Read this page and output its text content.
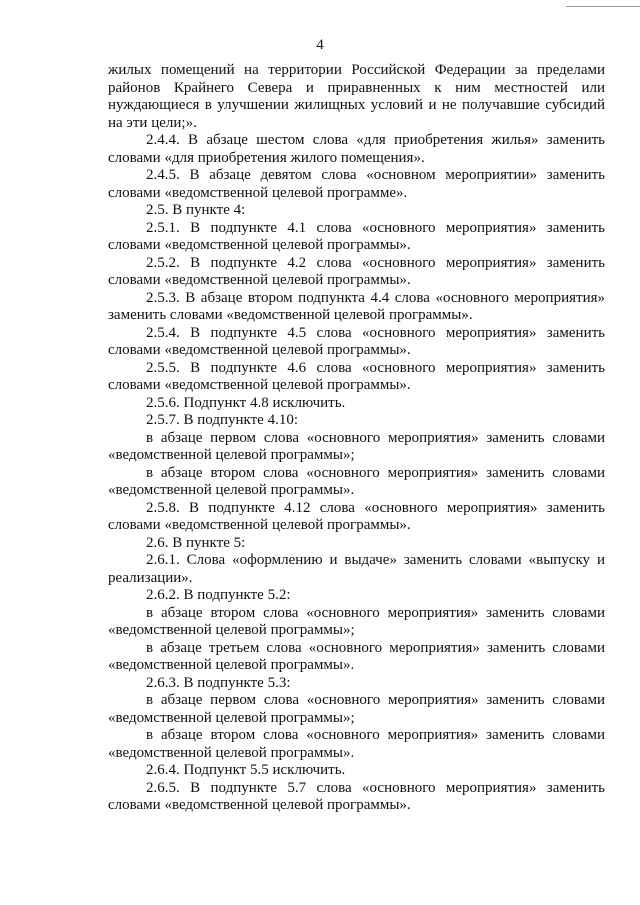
4

жилых помещений на территории Российской Федерации за пределами районов Крайнего Севера и приравненных к ним местностей или нуждающиеся в улучшении жилищных условий и не получавшие субсидий на эти цели;».

2.4.4. В абзаце шестом слова «для приобретения жилья» заменить словами «для приобретения жилого помещения».

2.4.5. В абзаце девятом слова «основном мероприятии» заменить словами «ведомственной целевой программе».

2.5. В пункте 4:

2.5.1. В подпункте 4.1 слова «основного мероприятия» заменить словами «ведомственной целевой программы».

2.5.2. В подпункте 4.2 слова «основного мероприятия» заменить словами «ведомственной целевой программы».

2.5.3. В абзаце втором подпункта 4.4 слова «основного мероприятия» заменить словами «ведомственной целевой программы».

2.5.4. В подпункте 4.5 слова «основного мероприятия» заменить словами «ведомственной целевой программы».

2.5.5. В подпункте 4.6 слова «основного мероприятия» заменить словами «ведомственной целевой программы».

2.5.6. Подпункт 4.8 исключить.

2.5.7. В подпункте 4.10:

в абзаце первом слова «основного мероприятия» заменить словами «ведомственной целевой программы»;

в абзаце втором слова «основного мероприятия» заменить словами «ведомственной целевой программы».

2.5.8. В подпункте 4.12 слова «основного мероприятия» заменить словами «ведомственной целевой программы».

2.6. В пункте 5:

2.6.1. Слова «оформлению и выдаче» заменить словами «выпуску и реализации».

2.6.2. В подпункте 5.2:

в абзаце втором слова «основного мероприятия» заменить словами «ведомственной целевой программы»;

в абзаце третьем слова «основного мероприятия» заменить словами «ведомственной целевой программы».

2.6.3. В подпункте 5.3:

в абзаце первом слова «основного мероприятия» заменить словами «ведомственной целевой программы»;

в абзаце втором слова «основного мероприятия» заменить словами «ведомственной целевой программы».

2.6.4. Подпункт 5.5 исключить.

2.6.5. В подпункте 5.7 слова «основного мероприятия» заменить словами «ведомственной целевой программы».
